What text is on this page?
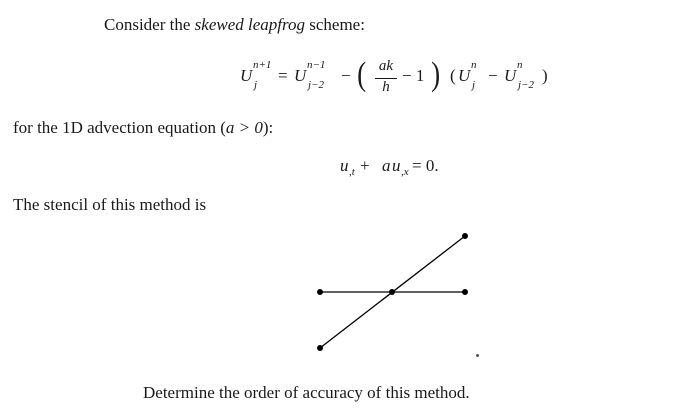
Consider the skewed leapfrog scheme:
U
n+1
j = U
n−1
j−2 − ( ak
h
− 1 ) ( U
n
j − U
n
j−2 )
for the 1D advection equation (a > 0):
u ,t + a u ,x = 0.
The stencil of this method is
Determine the order of accuracy of this method.
